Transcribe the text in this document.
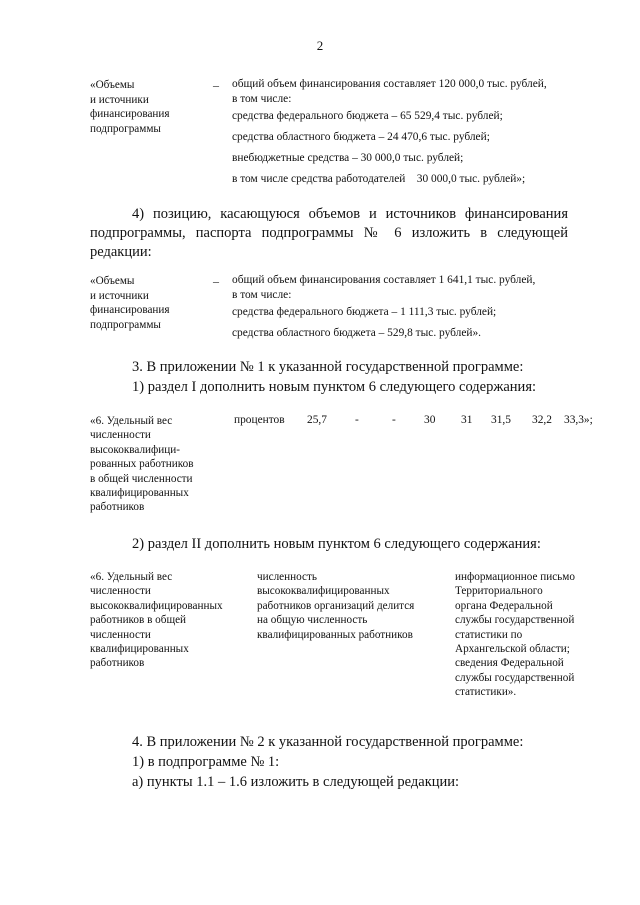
2
«Объемы
и источники
финансирования
подпрограммы
– общий объем финансирования составляет 120 000,0 тыс. рублей,
в том числе:
средства федерального бюджета – 65 529,4 тыс. рублей;
средства областного бюджета – 24 470,6 тыс. рублей;
внебюджетные средства – 30 000,0 тыс. рублей;
в том числе средства работодателей    30 000,0 тыс. рублей»;
4) позицию, касающуюся объемов и источников финансирования
подпрограммы, паспорта подпрограммы № 6 изложить в следующей
редакции:
«Объемы
и источники
финансирования
подпрограммы
– общий объем финансирования составляет 1 641,1 тыс. рублей,
в том числе:
средства федерального бюджета – 1 111,3 тыс. рублей;
средства областного бюджета – 529,8 тыс. рублей».
3. В приложении № 1 к указанной государственной программе:
1) раздел I дополнить новым пунктом 6 следующего содержания:
«6. Удельный вес
численности
высококвалифици-
рованных работников
в общей численности
квалифицированных
работников
процентов 25,7 -	- 30 31 31,5 32,2 33,3»;
2) раздел II дополнить новым пунктом 6 следующего содержания:
«6. Удельный вес
численности
высококвалифицированных
работников в общей
численности
квалифицированных
работников
численность
высококвалифицированных
работников организаций делится
на общую численность
квалифицированных работников
информационное письмо
Территориального
органа Федеральной
службы государственной
статистики по
Архангельской области;
сведения Федеральной
службы государственной
статистики».
4. В приложении № 2 к указанной государственной программе:
1) в подпрограмме № 1:
а) пункты 1.1 – 1.6 изложить в следующей редакции:
